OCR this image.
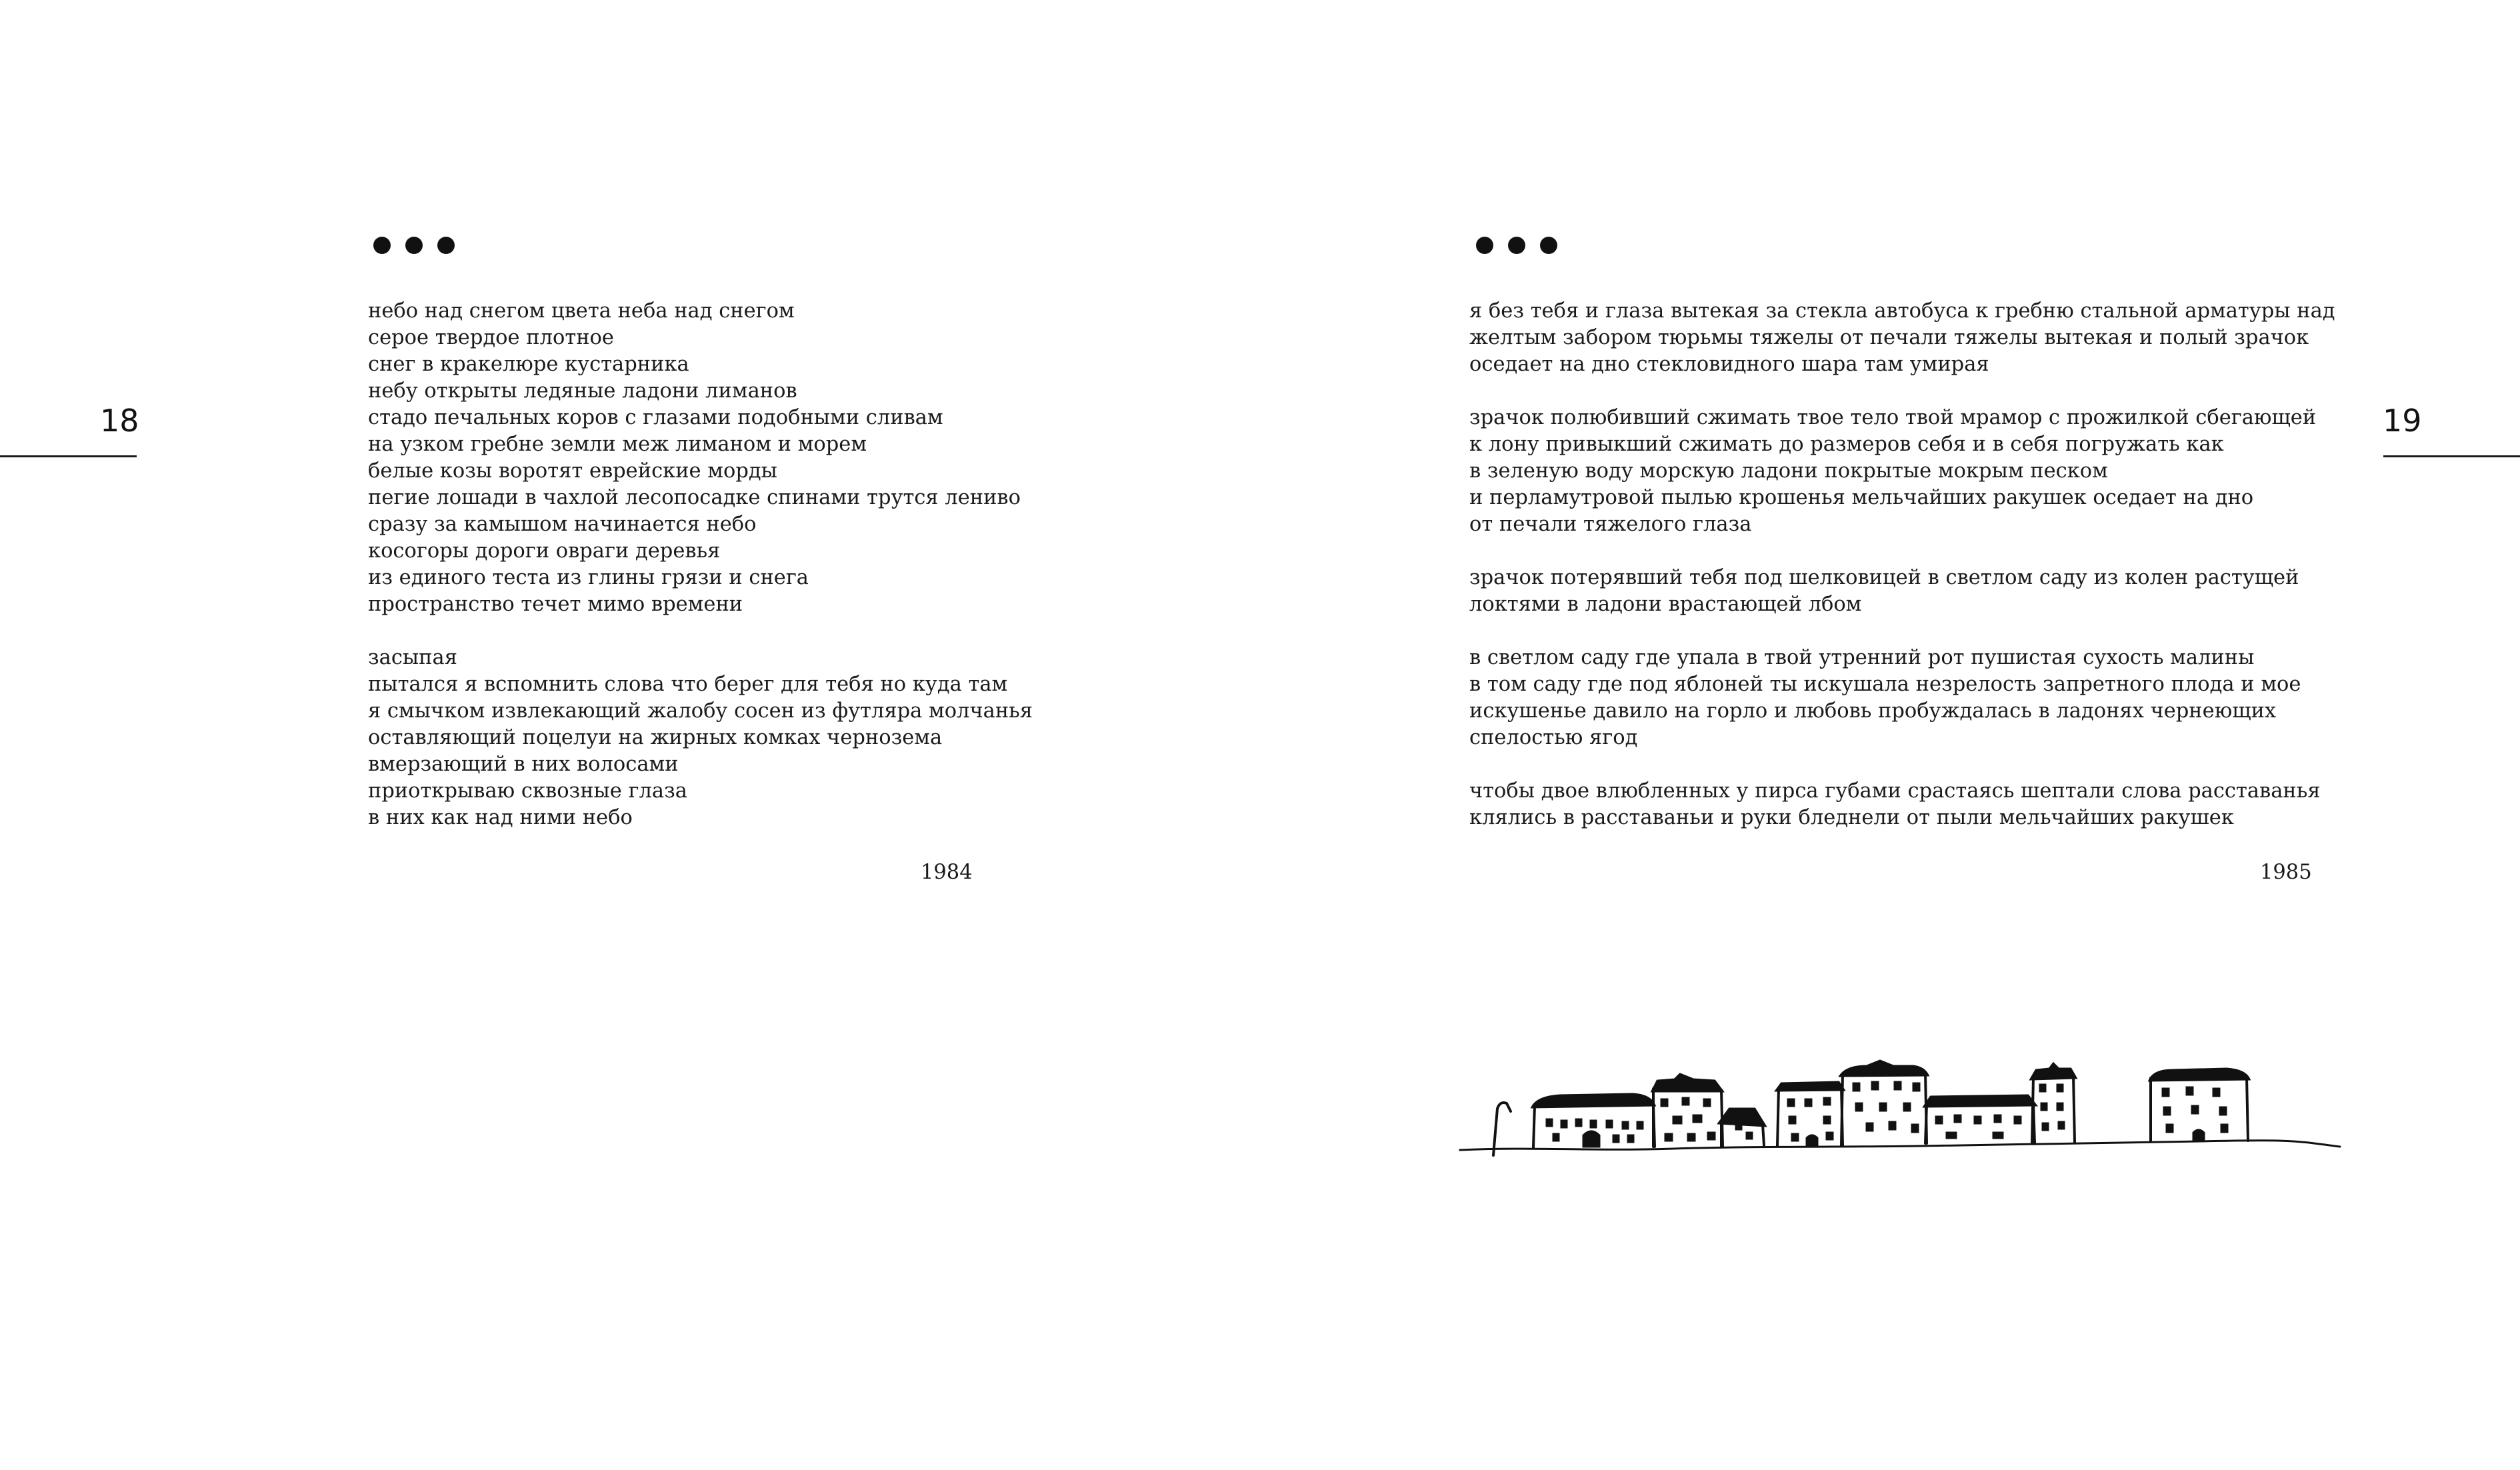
18
небо над снегом цвета неба над снегом
серое твердое плотное
снег в кракелюре кустарника
небу открыты ледяные ладони лиманов
стадо печальных коров с глазами подобными сливам
на узком гребне земли меж лиманом и морем
белые козы воротят еврейские морды
пегие лошади в чахлой лесопосадке спинами трутся лениво
сразу за камышом начинается небо
косогоры дороги овраги деревья
из единого теста из глины грязи и снега
пространство течет мимо времени
засыпая
пытался я вспомнить слова что берег для тебя но куда там
я смычком извлекающий жалобу сосен из футляра молчанья
оставляющий поцелуи на жирных комках чернозема
вмерзающий в них волосами
приоткрываю сквозные глаза
в них как над ними небо
1984
19
я без тебя и глаза вытекая за стекла автобуса к гребню стальной арматуры над
желтым забором тюрьмы тяжелы от печали тяжелы вытекая и полый зрачок
оседает на дно стекловидного шара там умирая
зрачок полюбивший сжимать твое тело твой мрамор с прожилкой сбегающей
к лону привыкший сжимать до размеров себя и в себя погружать как
в зеленую воду морскую ладони покрытые мокрым песком
и перламутровой пылью крошенья мельчайших ракушек оседает на дно
от печали тяжелого глаза
зрачок потерявший тебя под шелковицей в светлом саду из колен растущей
локтями в ладони врастающей лбом
в светлом саду где упала в твой утренний рот пушистая сухость малины
в том саду где под яблоней ты искушала незрелость запретного плода и мое
искушенье давило на горло и любовь пробуждалась в ладонях чернеющих
спелостью ягод
чтобы двое влюбленных у пирса губами срастаясь шептали слова расставанья
клялись в расставаньи и руки бледнели от пыли мельчайших ракушек
1985
